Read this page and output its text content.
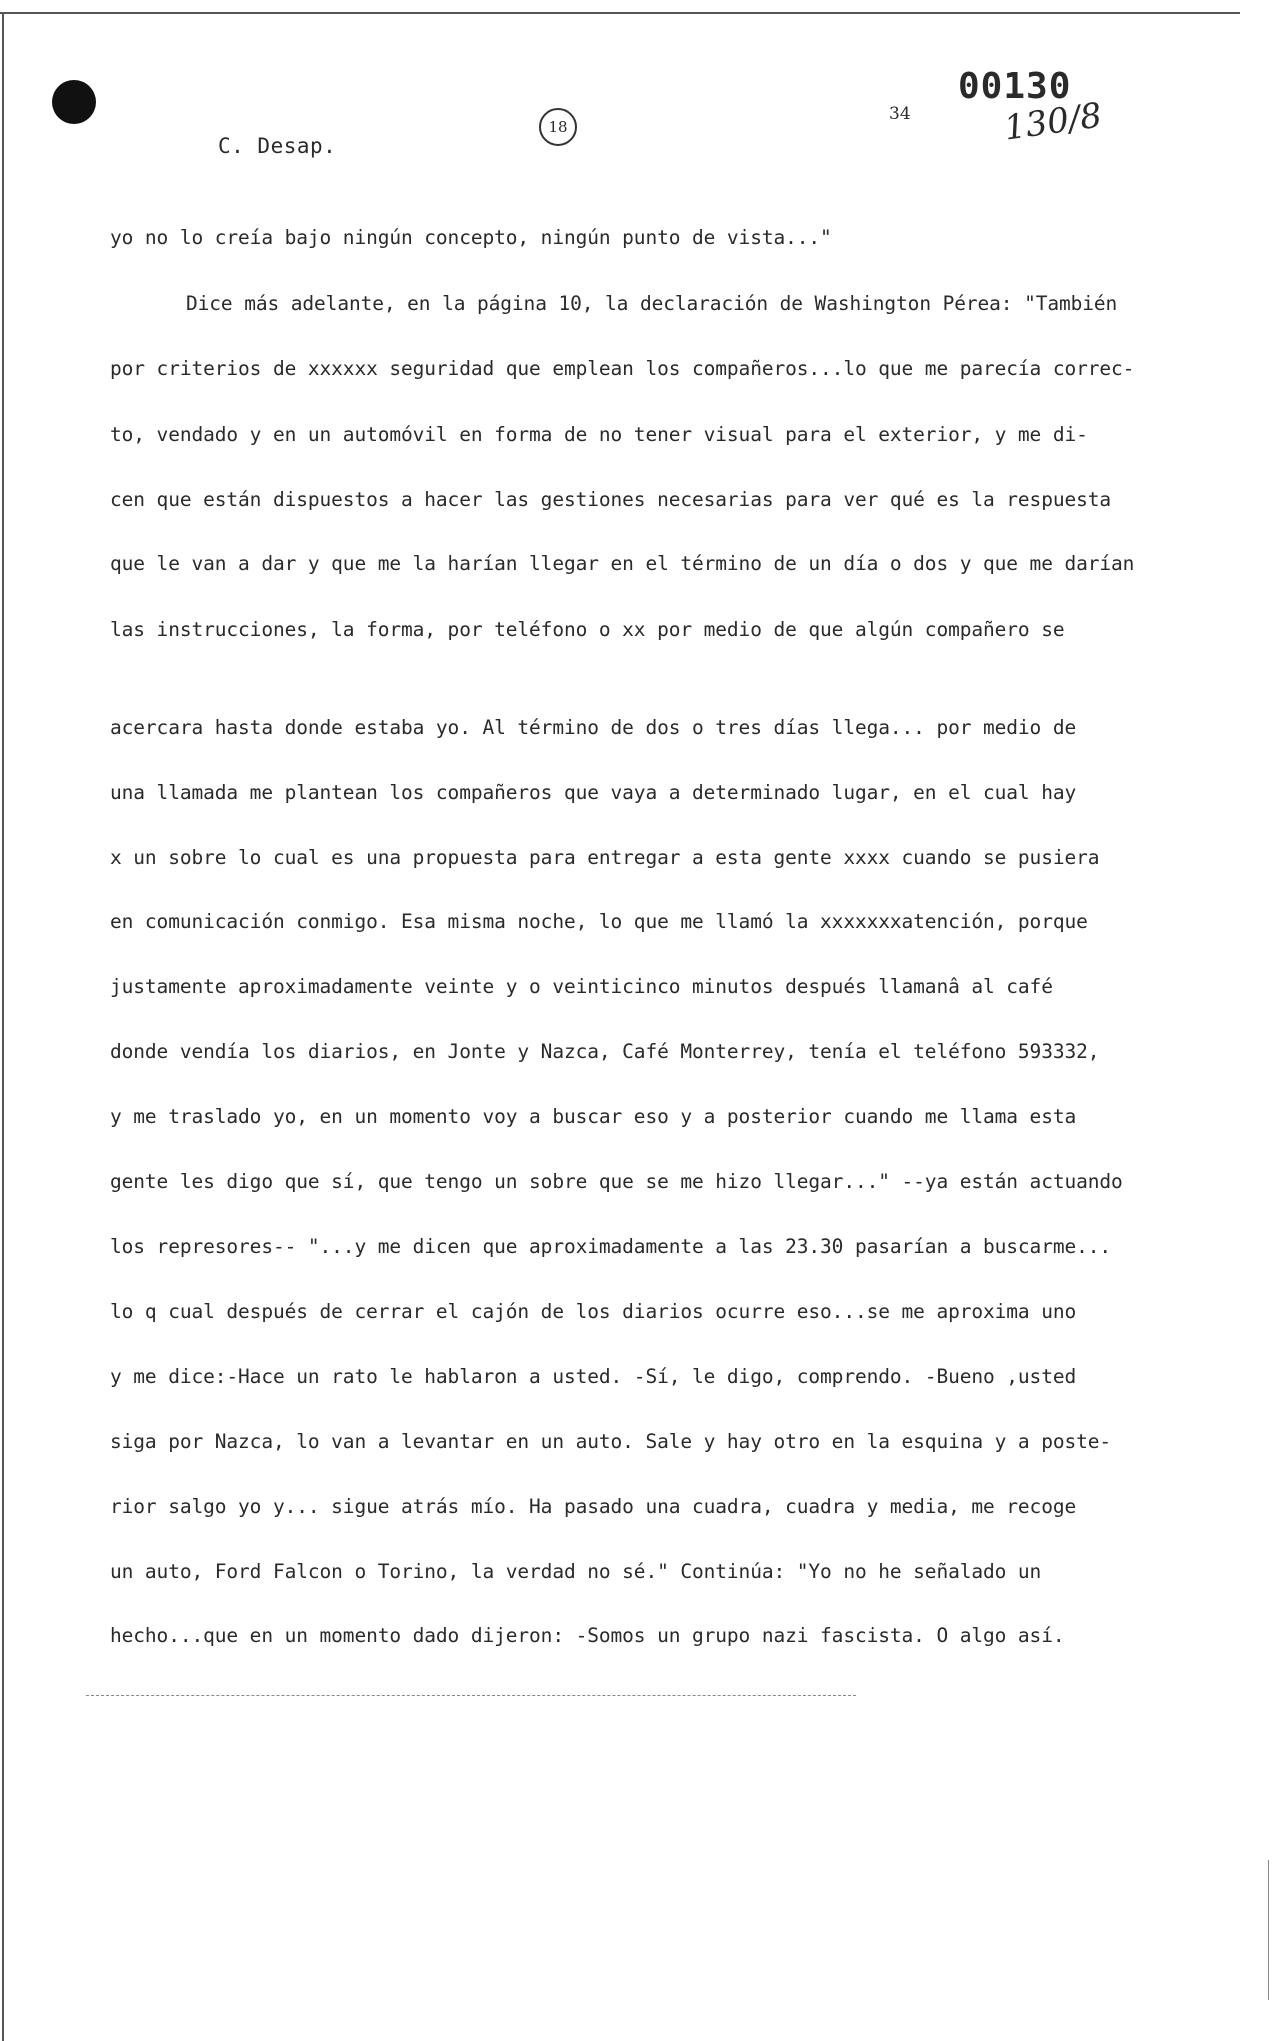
C. Desap.
18
34
00130
130/8
yo no lo creía bajo ningún concepto, ningún punto de vista..."
Dice más adelante, en la página 10, la declaración de Washington Pérea: "También
por criterios de xxxxxx seguridad que emplean los compañeros...lo que me parecía correc-
to, vendado y en un automóvil en forma de no tener visual para el exterior, y me di-
cen que están dispuestos a hacer las gestiones necesarias para ver qué es la respuesta
que le van a dar y que me la harían llegar en el término de un día o dos y que me darían
las instrucciones, la forma, por teléfono o xx por medio de que algún compañero se
acercara hasta donde estaba yo. Al término de dos o tres días llega... por medio de
una llamada me plantean los compañeros que vaya a determinado lugar, en el cual hay
x un sobre lo cual es una propuesta para entregar a esta gente xxxx cuando se pusiera
en comunicación conmigo. Esa misma noche, lo que me llamó la xxxxxxxatención, porque
justamente aproximadamente veinte y o veinticinco minutos después llamanâ al café
donde vendía los diarios, en Jonte y Nazca, Café Monterrey, tenía el teléfono 593332,
y me traslado yo, en un momento voy a buscar eso y a posterior cuando me llama esta
gente les digo que sí, que tengo un sobre que se me hizo llegar..." --ya están actuando
los represores-- "...y me dicen que aproximadamente a las 23.30 pasarían a buscarme...
lo q cual después de cerrar el cajón de los diarios ocurre eso...se me aproxima uno
y me dice:-Hace un rato le hablaron a usted. -Sí, le digo, comprendo. -Bueno ,usted
siga por Nazca, lo van a levantar en un auto. Sale y hay otro en la esquina y a poste-
rior salgo yo y... sigue atrás mío. Ha pasado una cuadra, cuadra y media, me recoge
un auto, Ford Falcon o Torino, la verdad no sé." Continúa: "Yo no he señalado un
hecho...que en un momento dado dijeron: -Somos un grupo nazi fascista. O algo así.
